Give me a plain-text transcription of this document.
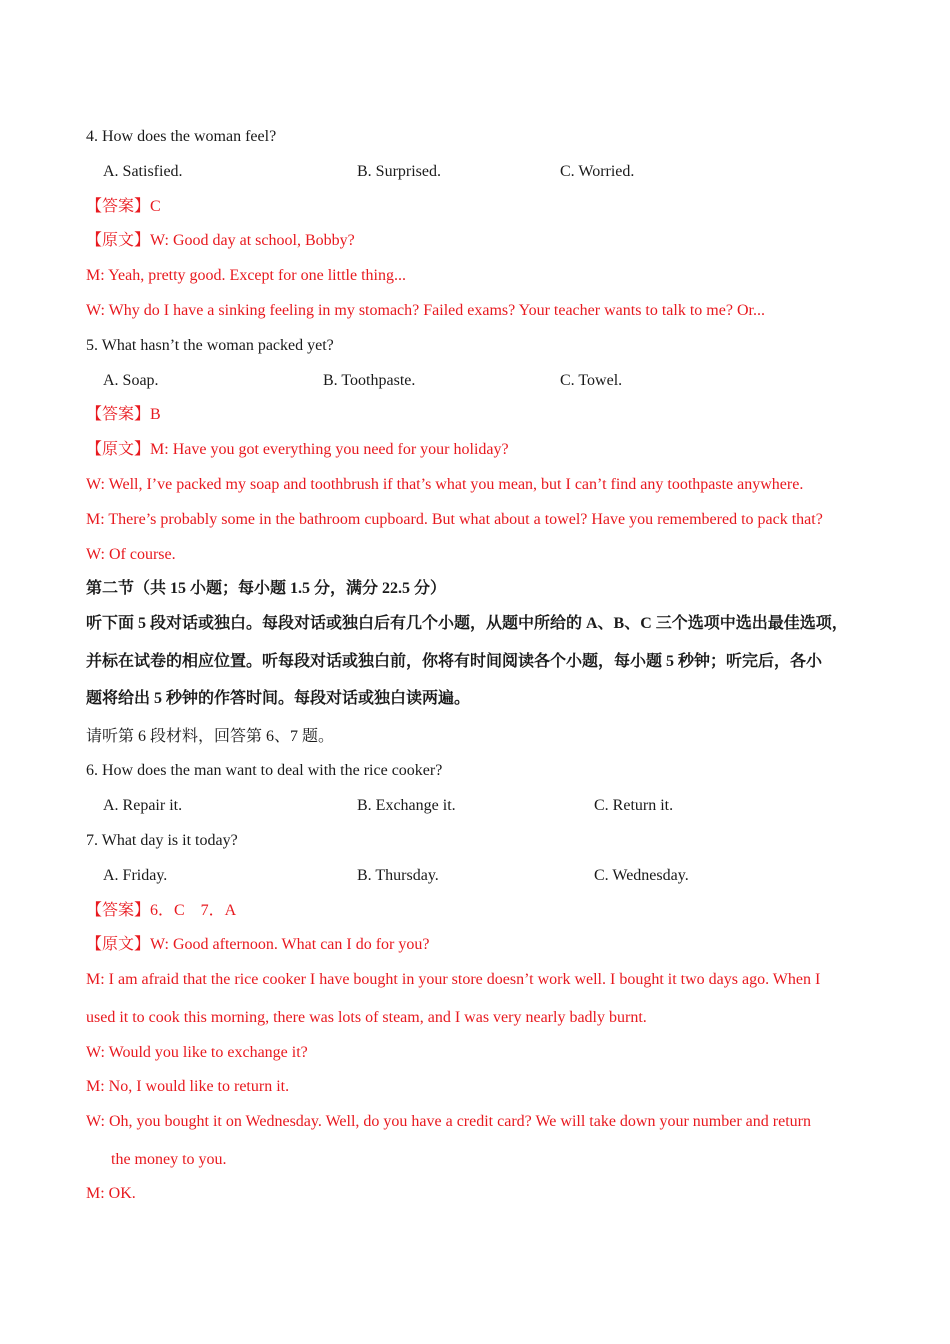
4. How does the woman feel?
A. Satisfied.	B. Surprised.	C. Worried.
【答案】C
【原文】W: Good day at school, Bobby?
M: Yeah, pretty good. Except for one little thing...
W: Why do I have a sinking feeling in my stomach? Failed exams? Your teacher wants to talk to me? Or...
5. What hasn’t the woman packed yet?
A. Soap.	B. Toothpaste.	C. Towel.
【答案】B
【原文】M: Have you got everything you need for your holiday?
W: Well, I’ve packed my soap and toothbrush if that’s what you mean, but I can’t find any toothpaste anywhere.
M: There’s probably some in the bathroom cupboard. But what about a towel? Have you remembered to pack that?
W: Of course.
第二节（共 15 小题；每小题 1.5 分，满分 22.5 分）
听下面 5 段对话或独白。每段对话或独白后有几个小题，从题中所给的 A、B、C 三个选项中选出最佳选项，
并标在试卷的相应位置。听每段对话或独白前，你将有时间阅读各个小题，每小题 5 秒钟；听完后，各小
题将给出 5 秒钟的作答时间。每段对话或独白读两遍。
请听第 6 段材料，回答第 6、7 题。
6. How does the man want to deal with the rice cooker?
A. Repair it.	B. Exchange it.	C. Return it.
7. What day is it today?
A. Friday.	B. Thursday.	C. Wednesday.
【答案】6．C　7．A
【原文】W: Good afternoon. What can I do for you?
M: I am afraid that the rice cooker I have bought in your store doesn’t work well. I bought it two days ago. When I
used it to cook this morning, there was lots of steam, and I was very nearly badly burnt.
W: Would you like to exchange it?
M: No, I would like to return it.
W: Oh, you bought it on Wednesday. Well, do you have a credit card? We will take down your number and return
the money to you.
M: OK.
